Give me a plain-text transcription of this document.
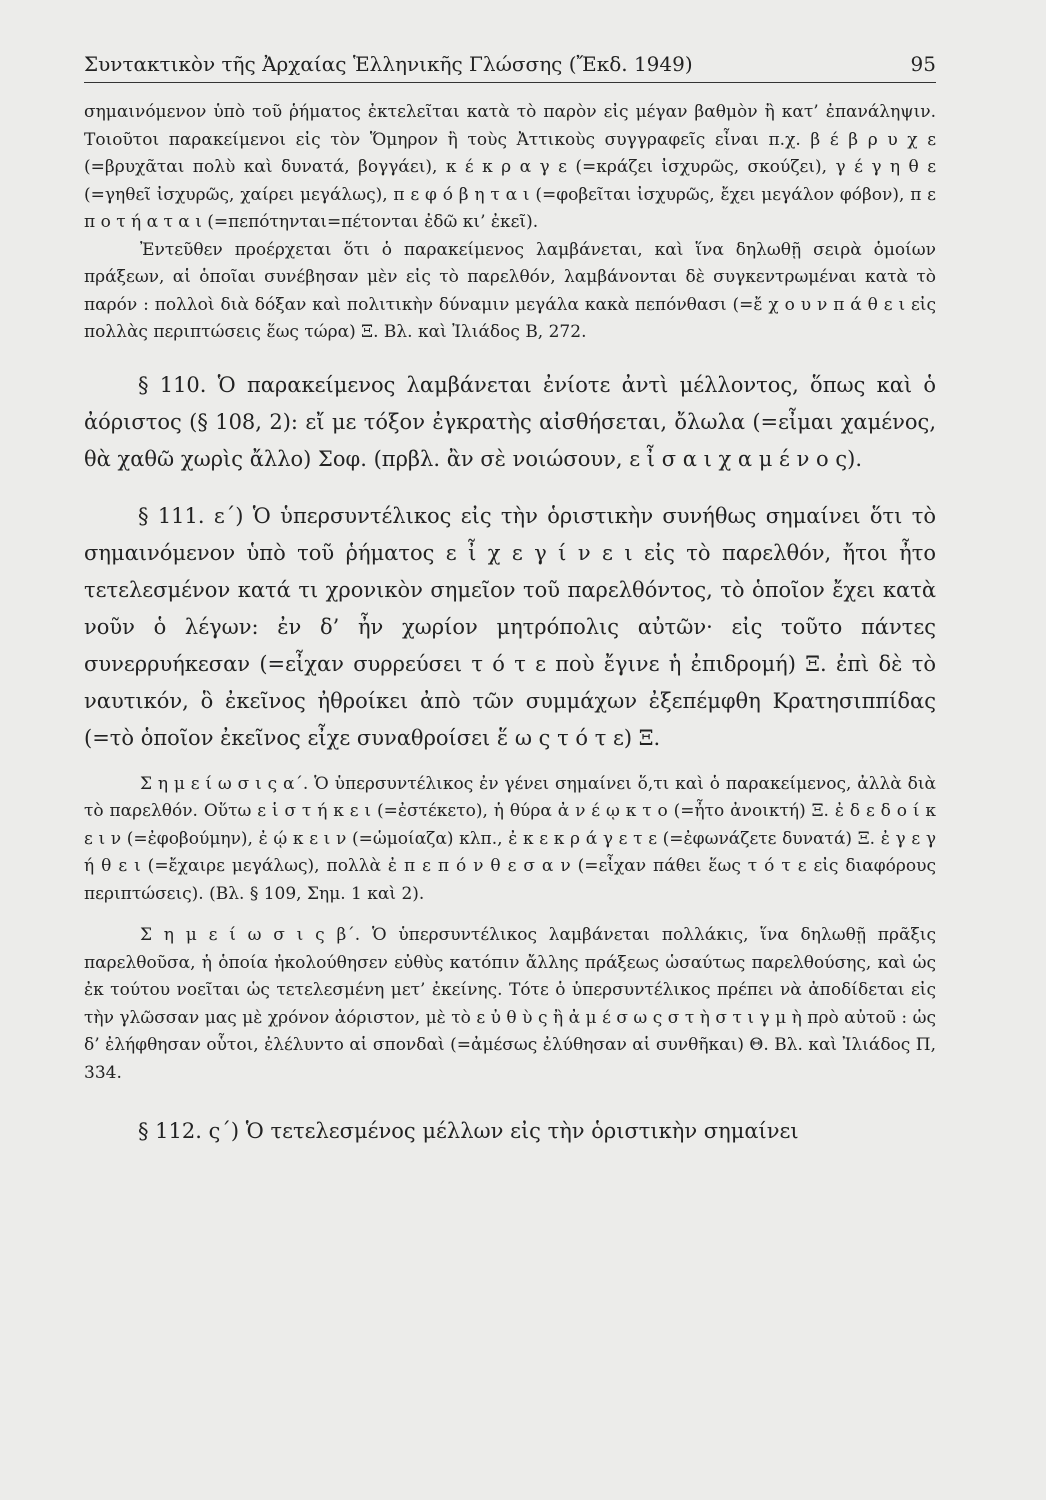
Συντακτικὸν τῆς Ἀρχαίας Ἑλληνικῆς Γλώσσης (Ἔκδ. 1949)	95

σημαινόμενον ὑπὸ τοῦ ῥήματος ἐκτελεῖται κατὰ τὸ παρὸν εἰς μέγαν βαθμὸν ἢ κατ’ ἐπανάληψιν. Τοιοῦτοι παρακείμενοι εἰς τὸν Ὅμηρον ἢ τοὺς Ἀττικοὺς συγγραφεῖς εἶναι π.χ. β έ β ρ υ χ ε (=βρυχᾶται πολὺ καὶ δυνατά, βογγάει), κ έ κ ρ α γ ε (=κράζει ἰσχυρῶς, σκούζει), γ έ γ η θ ε (=γηθεῖ ἰσχυρῶς, χαίρει μεγάλως), π ε φ ό β η τ α ι (=φοβεῖται ἰσχυρῶς, ἔχει μεγάλον φόβον), π ε π ο τ ή α τ α ι (=πεπότηνται=πέτονται ἐδῶ κι’ ἐκεῖ).

Ἐντεῦθεν προέρχεται ὅτι ὁ παρακείμενος λαμβάνεται, καὶ ἵνα δηλωθῇ σειρὰ ὁμοίων πράξεων, αἱ ὁποῖαι συνέβησαν μὲν εἰς τὸ παρελθόν, λαμβάνονται δὲ συγκεντρωμέναι κατὰ τὸ παρόν : πολλοὶ διὰ δόξαν καὶ πολιτικὴν δύναμιν μεγάλα κακὰ πεπόνθασι (=ἔ χ ο υ ν π ά θ ε ι εἰς πολλὰς περιπτώσεις ἕως τώρα) Ξ. Βλ. καὶ Ἰλιάδος Β, 272.

§ 110. Ὁ παρακείμενος λαμβάνεται ἐνίοτε ἀντὶ μέλλοντος, ὅπως καὶ ὁ ἀόριστος (§ 108, 2): εἴ με τόξον ἐγκρατὴς αἰσθήσεται, ὄλωλα (=εἶμαι χαμένος, θὰ χαθῶ χωρὶς ἄλλο) Σοφ. (πρβλ. ἂν σὲ νοιώσουν, ε ἶ σ α ι χ α μ έ ν ο ς).

§ 111. ε΄) Ὁ ὑπερσυντέλικος εἰς τὴν ὁριστικὴν συνήθως σημαίνει ὅτι τὸ σημαινόμενον ὑπὸ τοῦ ῥήματος ε ἶ χ ε γ ί ν ε ι εἰς τὸ παρελθόν, ἤτοι ἦτο τετελεσμένον κατά τι χρονικὸν σημεῖον τοῦ παρελθόντος, τὸ ὁποῖον ἔχει κατὰ νοῦν ὁ λέγων: ἐν δ’ ἦν χωρίον μητρόπολις αὐτῶν· εἰς τοῦτο πάντες συνερρυήκεσαν (=εἶχαν συρρεύσει τ ό τ ε ποὺ ἔγινε ἡ ἐπιδρομή) Ξ. ἐπὶ δὲ τὸ ναυτικόν, ὃ ἐκεῖνος ἠθροίκει ἀπὸ τῶν συμμάχων ἐξεπέμφθη Κρατησιππίδας (=τὸ ὁποῖον ἐκεῖνος εἶχε συναθροίσει ἕ ω ς τ ό τ ε) Ξ.

Σ η μ ε ί ω σ ι ς α΄. Ὁ ὑπερσυντέλικος ἐν γένει σημαίνει ὅ,τι καὶ ὁ παρακείμενος, ἀλλὰ διὰ τὸ παρελθόν. Οὕτω ε ἱ σ τ ή κ ε ι (=ἐστέκετο), ἡ θύρα ἀ ν έ ῳ κ τ ο (=ἦτο ἀνοικτή) Ξ. ἐ δ ε δ ο ί κ ε ι ν (=ἐφοβούμην), ἐ ῴ κ ε ι ν (=ὡμοίαζα) κλπ., ἐ κ ε κ ρ ά γ ε τ ε (=ἐφωνάζετε δυνατά) Ξ. ἐ γ ε γ ή θ ε ι (=ἔχαιρε μεγάλως), πολλὰ ἐ π ε π ό ν θ ε σ α ν (=εἶχαν πάθει ἕως τ ό τ ε εἰς διαφόρους περιπτώσεις). (Βλ. § 109, Σημ. 1 καὶ 2).

Σ η μ ε ί ω σ ι ς β΄. Ὁ ὑπερσυντέλικος λαμβάνεται πολλάκις, ἵνα δηλωθῇ πρᾶξις παρελθοῦσα, ἡ ὁποία ἠκολούθησεν εὐθὺς κατόπιν ἄλλης πράξεως ὡσαύτως παρελθούσης, καὶ ὡς ἐκ τούτου νοεῖται ὡς τετελεσμένη μετ’ ἐκείνης. Τότε ὁ ὑπερσυντέλικος πρέπει νὰ ἀποδίδεται εἰς τὴν γλῶσσαν μας μὲ χρόνον ἀόριστον, μὲ τὸ ε ὐ θ ὺ ς ἢ ἀ μ έ σ ω ς σ τ ὴ σ τ ι γ μ ὴ πρὸ αὐτοῦ : ὡς δ’ ἐλήφθησαν οὗτοι, ἐλέλυντο αἱ σπονδαὶ (=ἀμέσως ἐλύθησαν αἱ συνθῆκαι) Θ. Βλ. καὶ Ἰλιάδος Π, 334.

§ 112. ς΄) Ὁ τετελεσμένος μέλλων εἰς τὴν ὁριστικὴν σημαίνει
